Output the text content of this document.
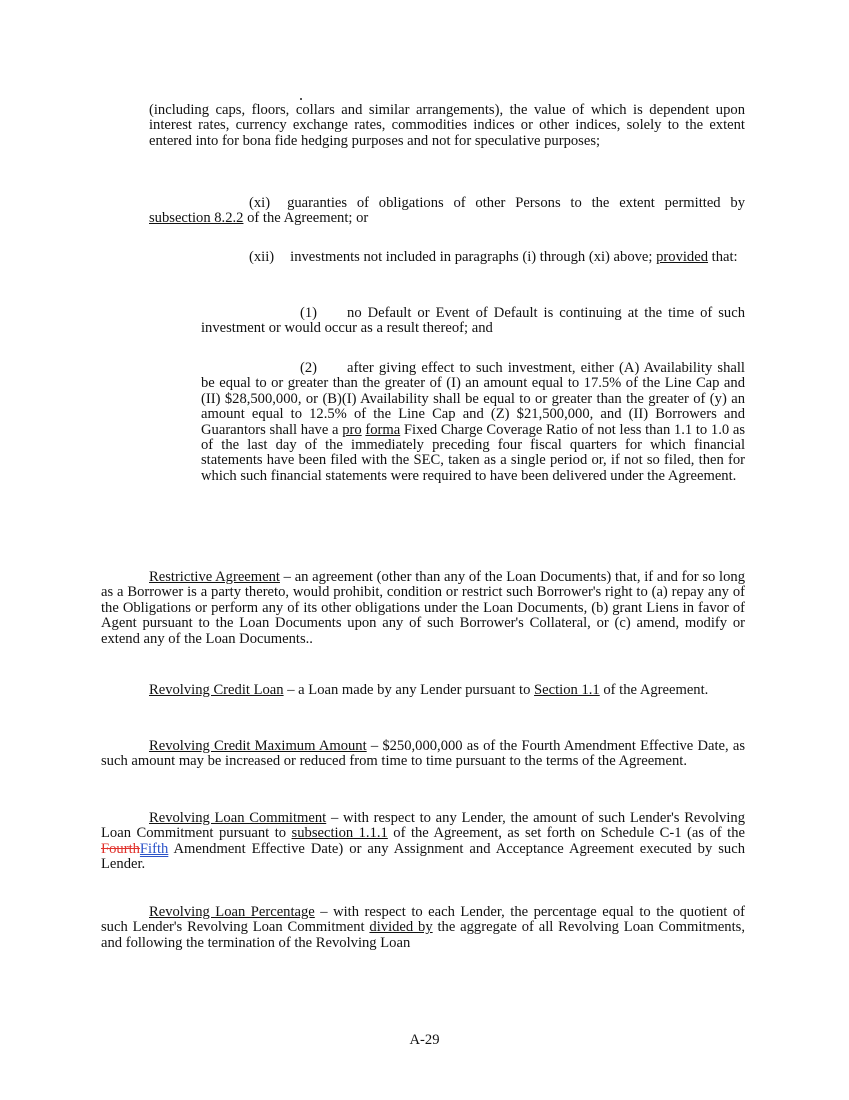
(including caps, floors, collars and similar arrangements), the value of which is dependent upon interest rates, currency exchange rates, commodities indices or other indices, solely to the extent entered into for bona fide hedging purposes and not for speculative purposes;

(xi) guaranties of obligations of other Persons to the extent permitted by subsection 8.2.2 of the Agreement; or

(xii) investments not included in paragraphs (i) through (xi) above; provided that:

(1) no Default or Event of Default is continuing at the time of such investment or would occur as a result thereof; and

(2) after giving effect to such investment, either (A) Availability shall be equal to or greater than the greater of (I) an amount equal to 17.5% of the Line Cap and (II) $28,500,000, or (B)(I) Availability shall be equal to or greater than the greater of (y) an amount equal to 12.5% of the Line Cap and (Z) $21,500,000, and (II) Borrowers and Guarantors shall have a pro forma Fixed Charge Coverage Ratio of not less than 1.1 to 1.0 as of the last day of the immediately preceding four fiscal quarters for which financial statements have been filed with the SEC, taken as a single period or, if not so filed, then for which such financial statements were required to have been delivered under the Agreement.

Restrictive Agreement – an agreement (other than any of the Loan Documents) that, if and for so long as a Borrower is a party thereto, would prohibit, condition or restrict such Borrower's right to (a) repay any of the Obligations or perform any of its other obligations under the Loan Documents, (b) grant Liens in favor of Agent pursuant to the Loan Documents upon any of such Borrower's Collateral, or (c) amend, modify or extend any of the Loan Documents..

Revolving Credit Loan – a Loan made by any Lender pursuant to Section 1.1 of the Agreement.

Revolving Credit Maximum Amount – $250,000,000 as of the Fourth Amendment Effective Date, as such amount may be increased or reduced from time to time pursuant to the terms of the Agreement.

Revolving Loan Commitment – with respect to any Lender, the amount of such Lender's Revolving Loan Commitment pursuant to subsection 1.1.1 of the Agreement, as set forth on Schedule C-1 (as of the FourthFifth Amendment Effective Date) or any Assignment and Acceptance Agreement executed by such Lender.

Revolving Loan Percentage – with respect to each Lender, the percentage equal to the quotient of such Lender's Revolving Loan Commitment divided by the aggregate of all Revolving Loan Commitments, and following the termination of the Revolving Loan

A-29
